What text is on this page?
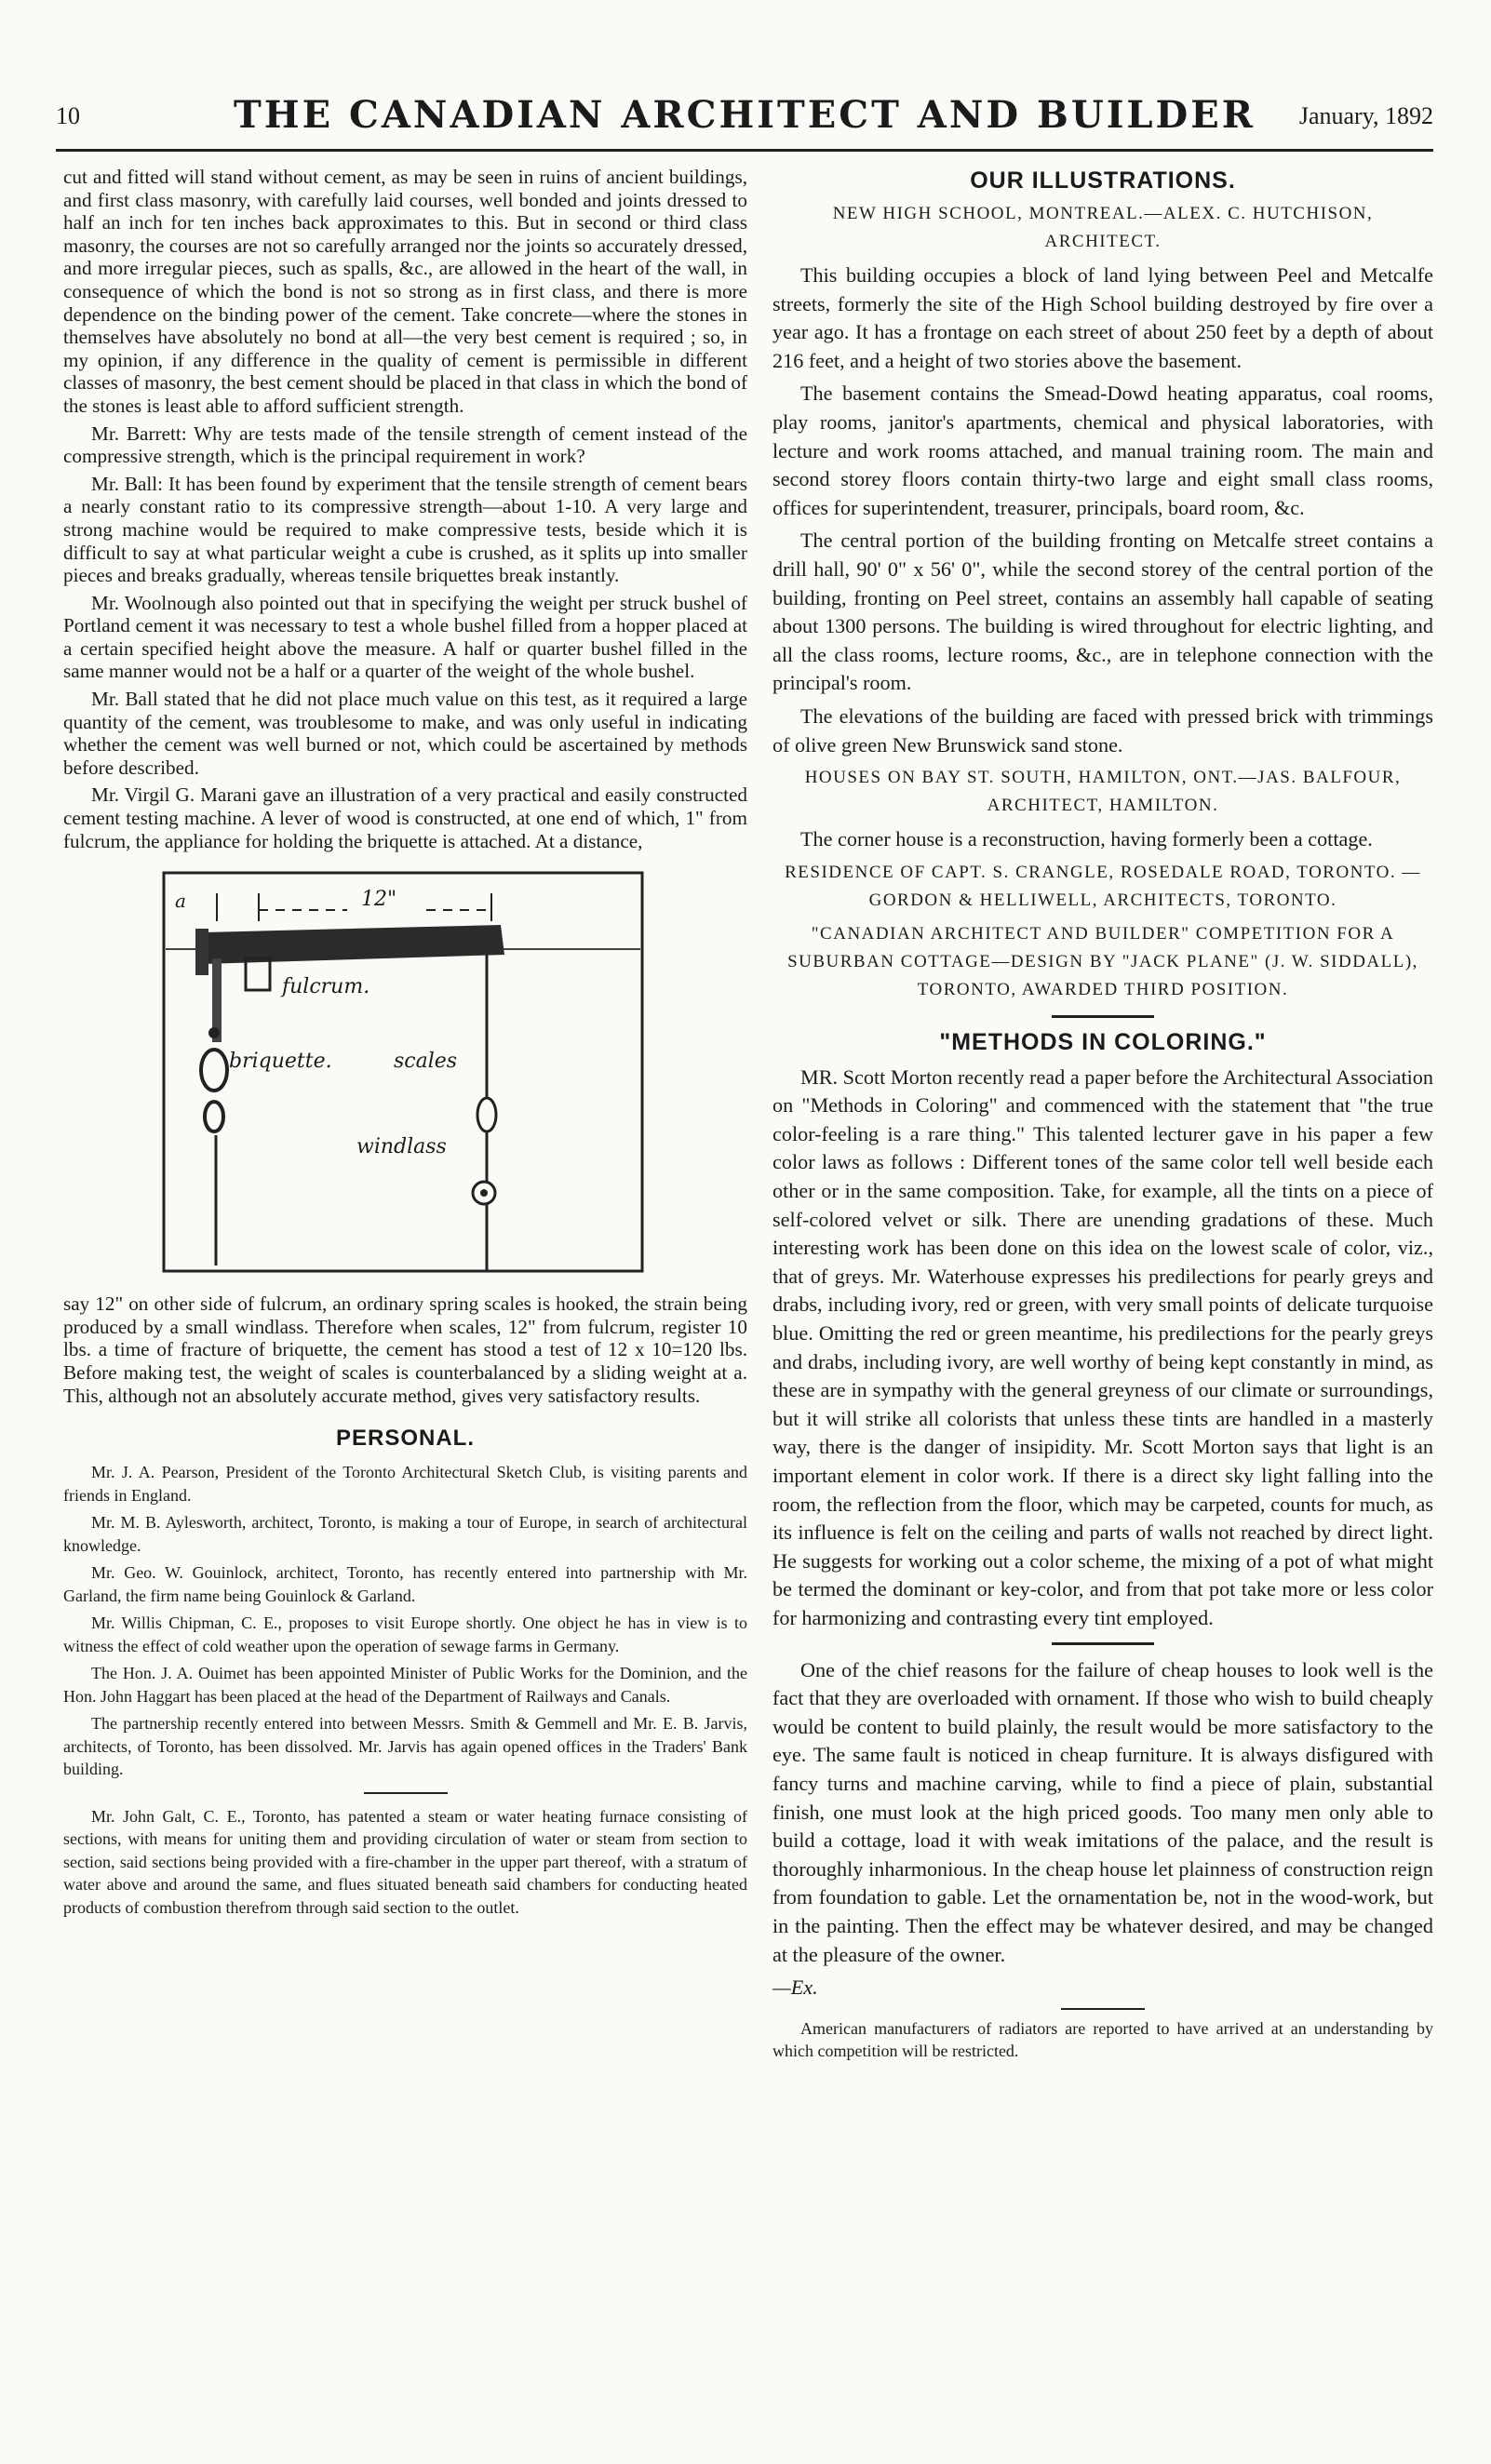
10	THE CANADIAN ARCHITECT AND BUILDER	January, 1892

cut and fitted will stand without cement, as may be seen in ruins of ancient buildings, and first class masonry, with carefully laid courses, well bonded and joints dressed to half an inch for ten inches back approximates to this. But in second or third class masonry, the courses are not so carefully arranged nor the joints so accurately dressed, and more irregular pieces, such as spalls, &c., are allowed in the heart of the wall, in consequence of which the bond is not so strong as in first class, and there is more dependence on the binding power of the cement. Take concrete—where the stones in themselves have absolutely no bond at all—the very best cement is required ; so, in my opinion, if any difference in the quality of cement is permissible in different classes of masonry, the best cement should be placed in that class in which the bond of the stones is least able to afford sufficient strength.

Mr. Barrett: Why are tests made of the tensile strength of cement instead of the compressive strength, which is the principal requirement in work?

Mr. Ball: It has been found by experiment that the tensile strength of cement bears a nearly constant ratio to its compressive strength—about 1-10. A very large and strong machine would be required to make compressive tests, beside which it is difficult to say at what particular weight a cube is crushed, as it splits up into smaller pieces and breaks gradually, whereas tensile briquettes break instantly.

Mr. Woolnough also pointed out that in specifying the weight per struck bushel of Portland cement it was necessary to test a whole bushel filled from a hopper placed at a certain specified height above the measure. A half or quarter bushel filled in the same manner would not be a half or a quarter of the weight of the whole bushel.

Mr. Ball stated that he did not place much value on this test, as it required a large quantity of the cement, was troublesome to make, and was only useful in indicating whether the cement was well burned or not, which could be ascertained by methods before described.

Mr. Virgil G. Marani gave an illustration of a very practical and easily constructed cement testing machine. A lever of wood is constructed, at one end of which, 1" from fulcrum, the appliance for holding the briquette is attached. At a distance,

12"
fulcrum.
a
briquette.	scales
windlass

say 12" on other side of fulcrum, an ordinary spring scales is hooked, the strain being produced by a small windlass. Therefore when scales, 12" from fulcrum, register 10 lbs. a time of fracture of briquette, the cement has stood a test of 12 x 10=120 lbs. Before making test, the weight of scales is counterbalanced by a sliding weight at a. This, although not an absolutely accurate method, gives very satisfactory results.

PERSONAL.

Mr. J. A. Pearson, President of the Toronto Architectural Sketch Club, is visiting parents and friends in England.

Mr. M. B. Aylesworth, architect, Toronto, is making a tour of Europe, in search of architectural knowledge.

Mr. Geo. W. Gouinlock, architect, Toronto, has recently entered into partnership with Mr. Garland, the firm name being Gouinlock & Garland.

Mr. Willis Chipman, C. E., proposes to visit Europe shortly. One object he has in view is to witness the effect of cold weather upon the operation of sewage farms in Germany.

The Hon. J. A. Ouimet has been appointed Minister of Public Works for the Dominion, and the Hon. John Haggart has been placed at the head of the Department of Railways and Canals.

The partnership recently entered into between Messrs. Smith & Gemmell and Mr. E. B. Jarvis, architects, of Toronto, has been dissolved. Mr. Jarvis has again opened offices in the Traders' Bank building.

Mr. John Galt, C. E., Toronto, has patented a steam or water heating furnace consisting of sections, with means for uniting them and providing circulation of water or steam from section to section, said sections being provided with a fire-chamber in the upper part thereof, with a stratum of water above and around the same, and flues situated beneath said chambers for conducting heated products of combustion therefrom through said section to the outlet.

OUR ILLUSTRATIONS.
NEW HIGH SCHOOL, MONTREAL.—ALEX. C. HUTCHISON, ARCHITECT.

This building occupies a block of land lying between Peel and Metcalfe streets, formerly the site of the High School building destroyed by fire over a year ago. It has a frontage on each street of about 250 feet by a depth of about 216 feet, and a height of two stories above the basement.

The basement contains the Smead-Dowd heating apparatus, coal rooms, play rooms, janitor's apartments, chemical and physical laboratories, with lecture and work rooms attached, and manual training room. The main and second storey floors contain thirty-two large and eight small class rooms, offices for superintendent, treasurer, principals, board room, &c.

The central portion of the building fronting on Metcalfe street contains a drill hall, 90' 0" x 56' 0", while the second storey of the central portion of the building, fronting on Peel street, contains an assembly hall capable of seating about 1300 persons. The building is wired throughout for electric lighting, and all the class rooms, lecture rooms, &c., are in telephone connection with the principal's room.

The elevations of the building are faced with pressed brick with trimmings of olive green New Brunswick sand stone.

HOUSES ON BAY ST. SOUTH, HAMILTON, ONT.—JAS. BALFOUR, ARCHITECT, HAMILTON.

The corner house is a reconstruction, having formerly been a cottage.

RESIDENCE OF CAPT. S. CRANGLE, ROSEDALE ROAD, TORONTO. —GORDON & HELLIWELL, ARCHITECTS, TORONTO.
"CANADIAN ARCHITECT AND BUILDER" COMPETITION FOR A SUBURBAN COTTAGE—DESIGN BY "JACK PLANE" (J. W. SIDDALL), TORONTO, AWARDED THIRD POSITION.
"METHODS IN COLORING."

MR. Scott Morton recently read a paper before the Architectural Association on "Methods in Coloring" and commenced with the statement that "the true color-feeling is a rare thing." This talented lecturer gave in his paper a few color laws as follows : Different tones of the same color tell well beside each other or in the same composition. Take, for example, all the tints on a piece of self-colored velvet or silk. There are unending gradations of these. Much interesting work has been done on this idea on the lowest scale of color, viz., that of greys. Mr. Waterhouse expresses his predilections for pearly greys and drabs, including ivory, red or green, with very small points of delicate turquoise blue. Omitting the red or green meantime, his predilections for the pearly greys and drabs, including ivory, are well worthy of being kept constantly in mind, as these are in sympathy with the general greyness of our climate or surroundings, but it will strike all colorists that unless these tints are handled in a masterly way, there is the danger of insipidity. Mr. Scott Morton says that light is an important element in color work. If there is a direct sky light falling into the room, the reflection from the floor, which may be carpeted, counts for much, as its influence is felt on the ceiling and parts of walls not reached by direct light. He suggests for working out a color scheme, the mixing of a pot of what might be termed the dominant or key-color, and from that pot take more or less color for harmonizing and contrasting every tint employed.

One of the chief reasons for the failure of cheap houses to look well is the fact that they are overloaded with ornament. If those who wish to build cheaply would be content to build plainly, the result would be more satisfactory to the eye. The same fault is noticed in cheap furniture. It is always disfigured with fancy turns and machine carving, while to find a piece of plain, substantial finish, one must look at the high priced goods. Too many men only able to build a cottage, load it with weak imitations of the palace, and the result is thoroughly inharmonious. In the cheap house let plainness of construction reign from foundation to gable. Let the ornamentation be, not in the wood-work, but in the painting. Then the effect may be whatever desired, and may be changed at the pleasure of the owner.

—Ex.

American manufacturers of radiators are reported to have arrived at an understanding by which competition will be restricted.
